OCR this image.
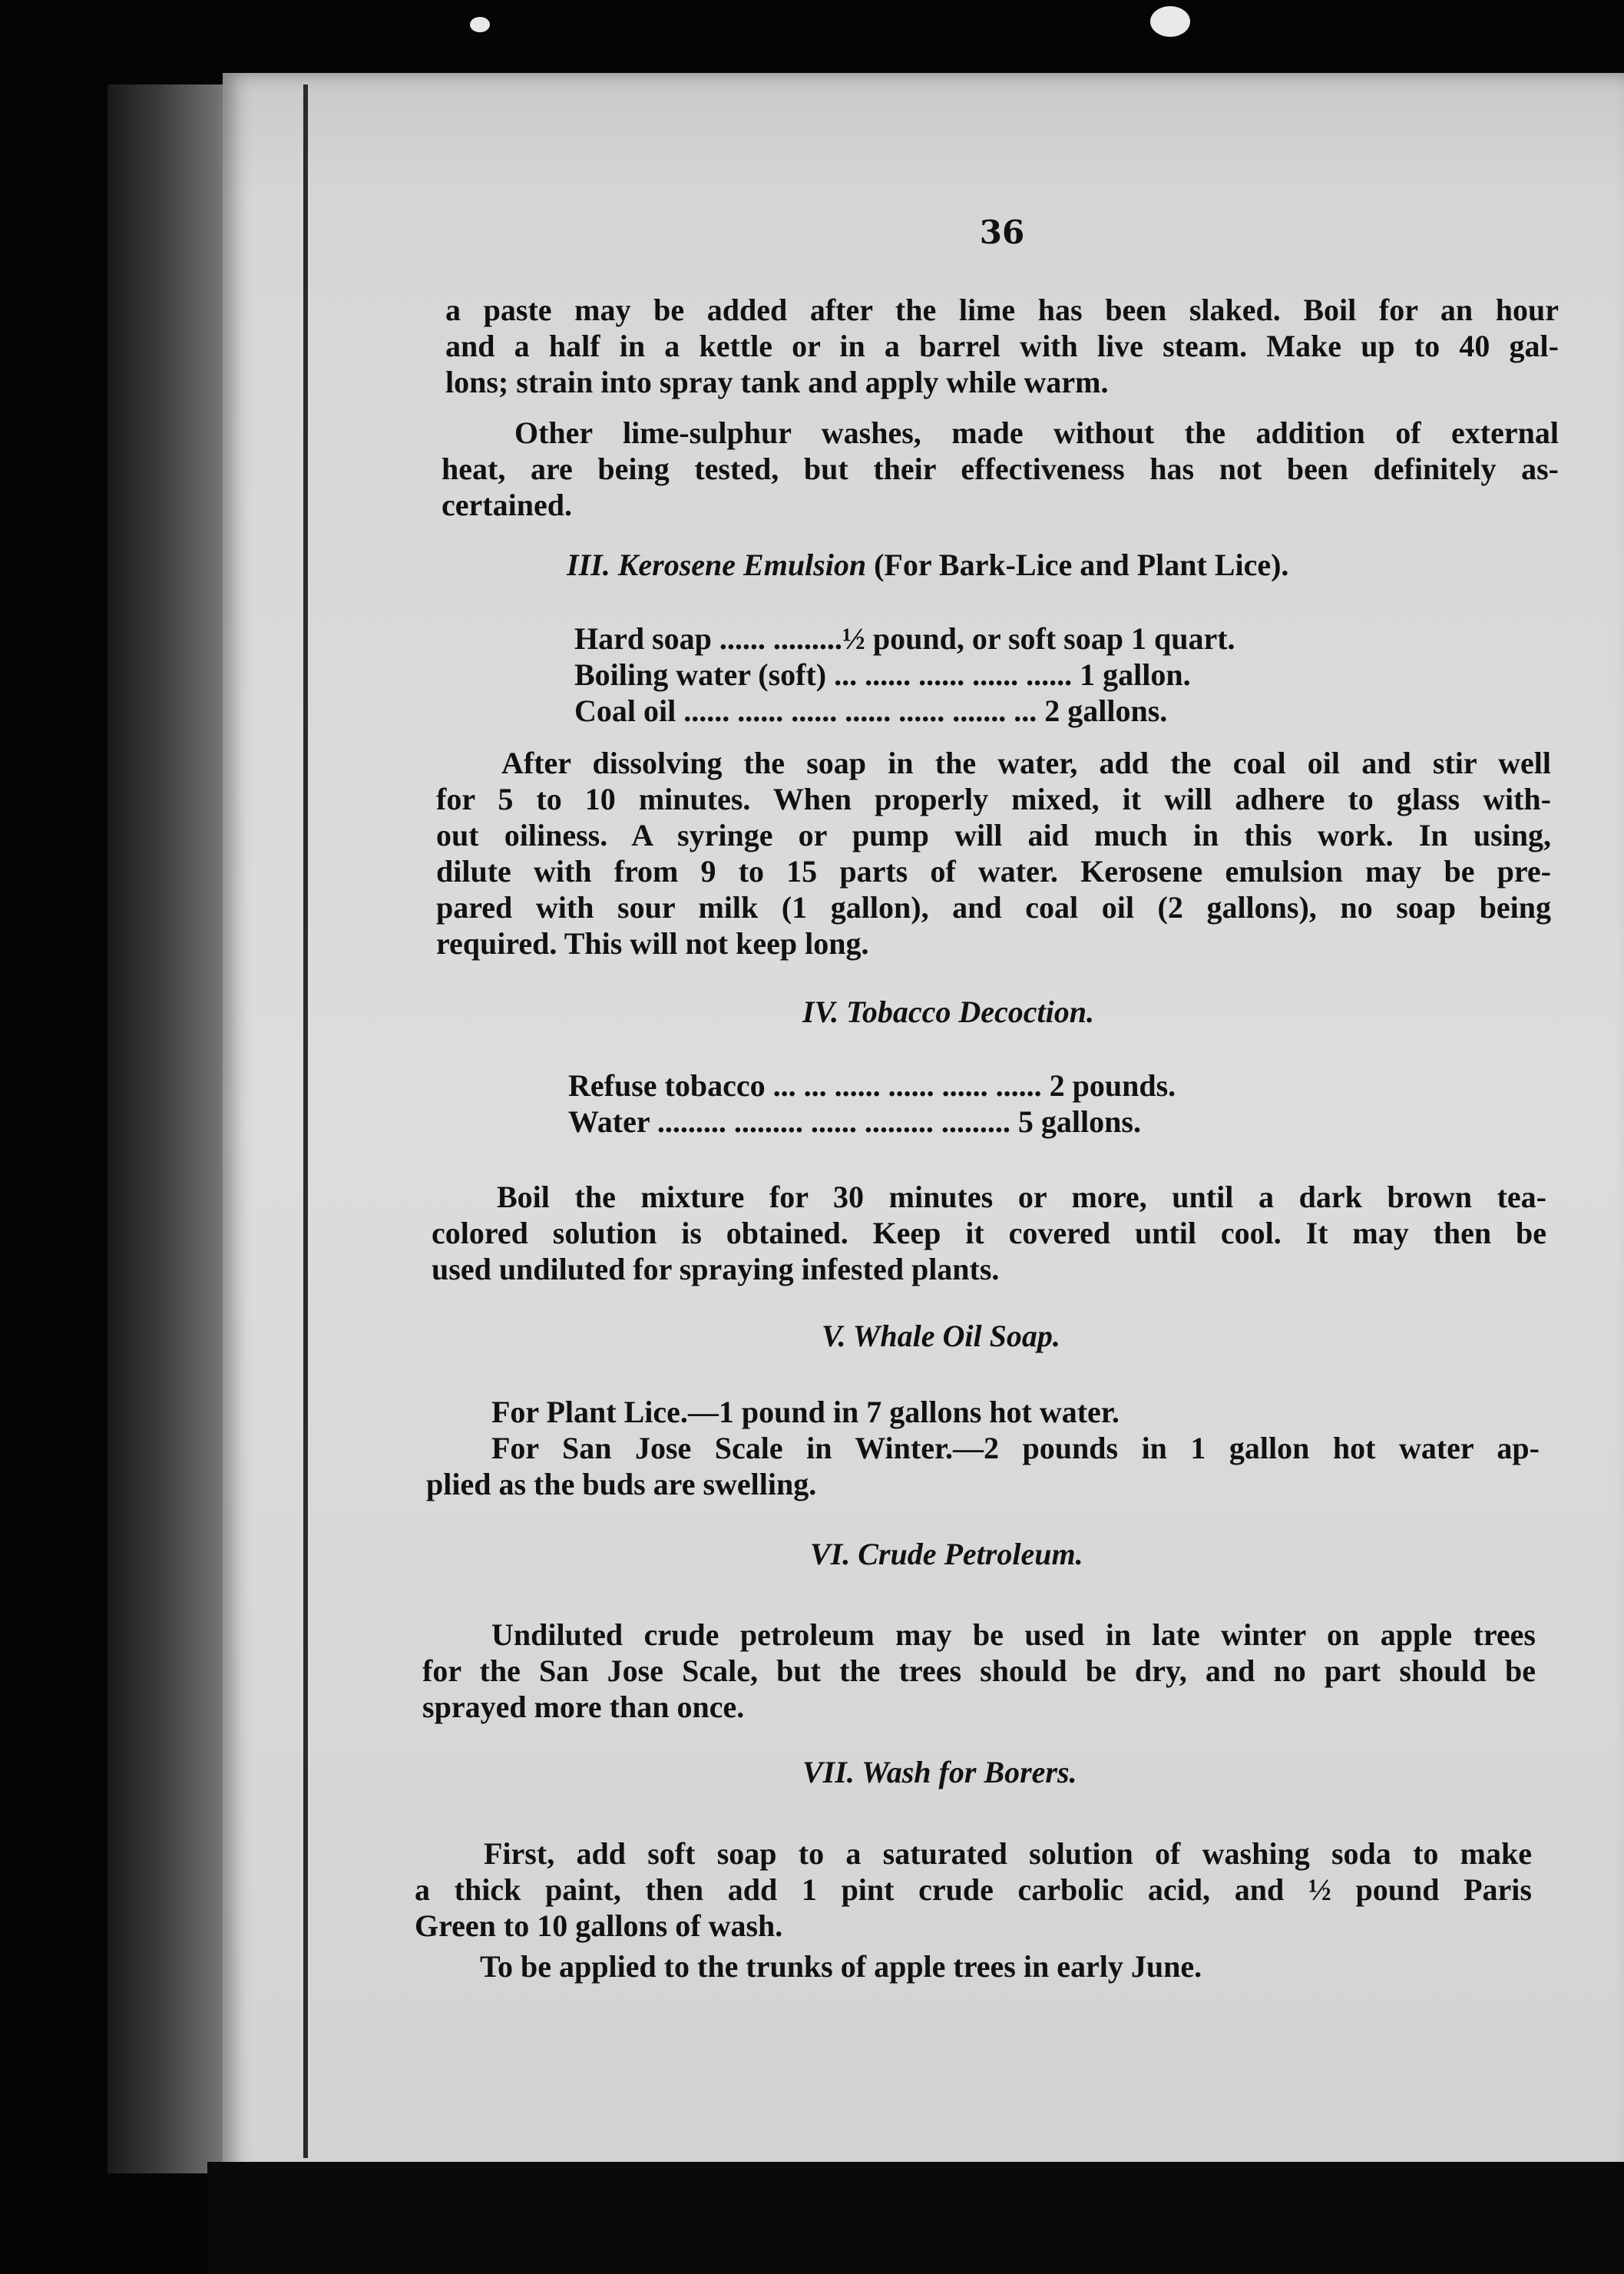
36

a paste may be added after the lime has been slaked. Boil for an hour
and a half in a kettle or in a barrel with live steam. Make up to 40 gal-
lons; strain into spray tank and apply while warm.

Other lime-sulphur washes, made without the addition of external
heat, are being tested, but their effectiveness has not been definitely as-
certained.

III. Kerosene Emulsion (For Bark-Lice and Plant Lice).
Hard soap ...... .........½ pound, or soft soap 1 quart.
Boiling water (soft) ... ...... ...... ...... ...... 1 gallon.
Coal oil ...... ...... ...... ...... ...... ....... ... 2 gallons.

After dissolving the soap in the water, add the coal oil and stir well
for 5 to 10 minutes. When properly mixed, it will adhere to glass with-
out oiliness. A syringe or pump will aid much in this work. In using,
dilute with from 9 to 15 parts of water. Kerosene emulsion may be pre-
pared with sour milk (1 gallon), and coal oil (2 gallons), no soap being
required. This will not keep long.

IV. Tobacco Decoction.
Refuse tobacco ... ... ...... ...... ...... ...... 2 pounds.
Water ......... ......... ...... ......... ......... 5 gallons.

Boil the mixture for 30 minutes or more, until a dark brown tea-
colored solution is obtained. Keep it covered until cool. It may then be
used undiluted for spraying infested plants.

V. Whale Oil Soap.

For Plant Lice.—1 pound in 7 gallons hot water.
For San Jose Scale in Winter.—2 pounds in 1 gallon hot water ap-
plied as the buds are swelling.

VI. Crude Petroleum.

Undiluted crude petroleum may be used in late winter on apple trees
for the San Jose Scale, but the trees should be dry, and no part should be
sprayed more than once.

VII. Wash for Borers.

First, add soft soap to a saturated solution of washing soda to make
a thick paint, then add 1 pint crude carbolic acid, and ½ pound Paris
Green to 10 gallons of wash.
To be applied to the trunks of apple trees in early June.
